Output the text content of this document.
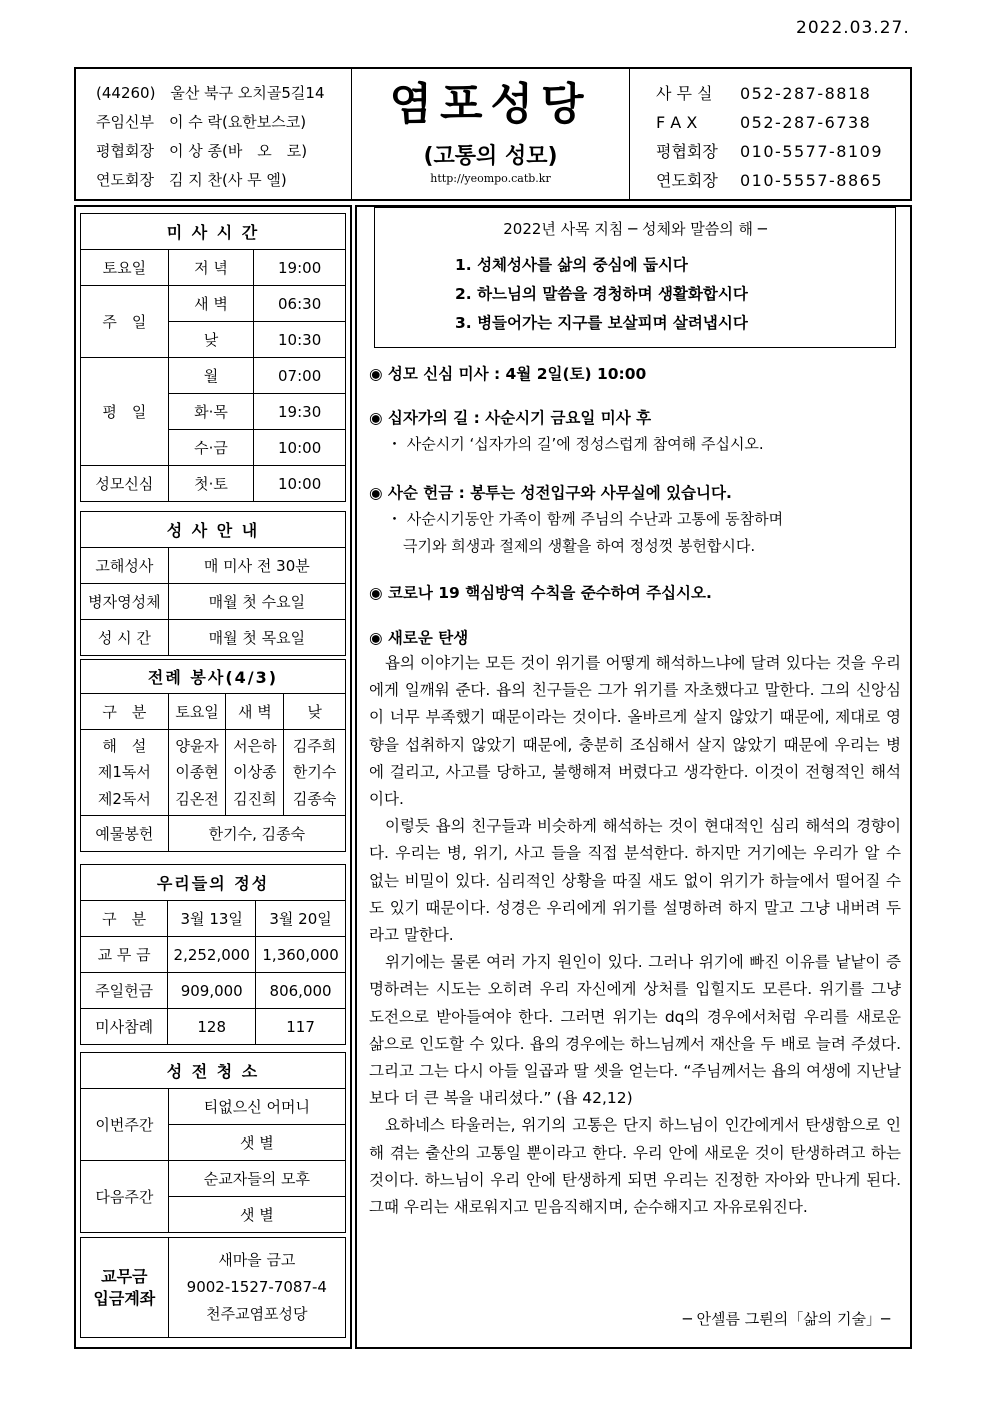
2022.03.27.
(44260)　울산 북구 오치골5길14
주임신부　이 수 락(요한보스코)
평협회장　이 상 종(바　오　로)
연도회장　김 지 찬(사 무 엘)
염포성당
(고통의 성모)
http://yeompo.catb.kr
사 무 실 052-287-8818
F A X	052-287-6738
평협회장 010-5577-8109
연도회장 010-5557-8865
미 사 시 간		
토요일	저 녁	19:00
주　일	새 벽	06:30
	낮	10:30
평　일	월	07:00
	화·목	19:30
	수·금	10:00
성모신심	첫·토	10:00
성 사 안 내	
고해성사	매 미사 전 30분
병자영성체	매월 첫 수요일
성 시 간	매월 첫 목요일
전례 봉사(4/3)			
구　분	토요일	새 벽	낮
해　설	양윤자	서은하	김주희
제1독서	이종현	이상종	한기수
제2독서	김온전	김진희	김종숙
예물봉헌	한기수, 김종숙		
우리들의 정성		
구　분	3월 13일	3월 20일
교 무 금	2,252,000	1,360,000
주일헌금	909,000	806,000
미사참례	128	117
성 전 청 소	
이번주간	티없으신 어머니
	샛 별
다음주간	순교자들의 모후
	샛 별
교무금
입금계좌	
새마을 금고
9002-1527-7087-4
천주교염포성당
2022년 사목 지침 ─ 성체와 말씀의 해 ─
1. 성체성사를 삶의 중심에 둡시다
2. 하느님의 말씀을 경청하며 생활화합시다
3. 병들어가는 지구를 보살피며 살려냅시다
◉ 성모 신심 미사 : 4월 2일(토) 10:00
◉ 십자가의 길 : 사순시기 금요일 미사 후
・ 사순시기 ‘십자가의 길’에 정성스럽게 참여해 주십시오.
◉ 사순 헌금 : 봉투는 성전입구와 사무실에 있습니다.
・ 사순시기동안 가족이 함께 주님의 수난과 고통에 동참하며
극기와 희생과 절제의 생활을 하여 정성껏 봉헌합시다.
◉ 코로나 19 핵심방역 수칙을 준수하여 주십시오.
◉ 새로운 탄생

욥의 이야기는 모든 것이 위기를 어떻게 해석하느냐에 달려 있다는 것을 우리에게 일깨워 준다. 욥의 친구들은 그가 위기를 자초했다고 말한다. 그의 신앙심이 너무 부족했기 때문이라는 것이다. 올바르게 살지 않았기 때문에, 제대로 영향을 섭취하지 않았기 때문에, 충분히 조심해서 살지 않았기 때문에 우리는 병에 걸리고, 사고를 당하고, 불행해져 버렸다고 생각한다. 이것이 전형적인 해석이다.

이렇듯 욥의 친구들과 비슷하게 해석하는 것이 현대적인 심리 해석의 경향이다. 우리는 병, 위기, 사고 들을 직접 분석한다. 하지만 거기에는 우리가 알 수 없는 비밀이 있다. 심리적인 상황을 따질 새도 없이 위기가 하늘에서 떨어질 수도 있기 때문이다. 성경은 우리에게 위기를 설명하려 하지 말고 그냥 내버려 두라고 말한다.

위기에는 물론 여러 가지 원인이 있다. 그러나 위기에 빠진 이유를 낱낱이 증명하려는 시도는 오히려 우리 자신에게 상처를 입힐지도 모른다. 위기를 그냥 도전으로 받아들여야 한다. 그러면 위기는 dq의 경우에서처럼 우리를 새로운 삶으로 인도할 수 있다. 욥의 경우에는 하느님께서 재산을 두 배로 늘려 주셨다. 그리고 그는 다시 아들 일곱과 딸 셋을 얻는다. “주님께서는 욥의 여생에 지난날보다 더 큰 복을 내리셨다.” (욥 42,12)

요하네스 타울러는, 위기의 고통은 단지 하느님이 인간에게서 탄생함으로 인해 겪는 출산의 고통일 뿐이라고 한다. 우리 안에 새로운 것이 탄생하려고 하는 것이다. 하느님이 우리 안에 탄생하게 되면 우리는 진정한 자아와 만나게 된다. 그때 우리는 새로워지고 믿음직해지며, 순수해지고 자유로워진다.

─ 안셀름 그륀의「삶의 기술」─
